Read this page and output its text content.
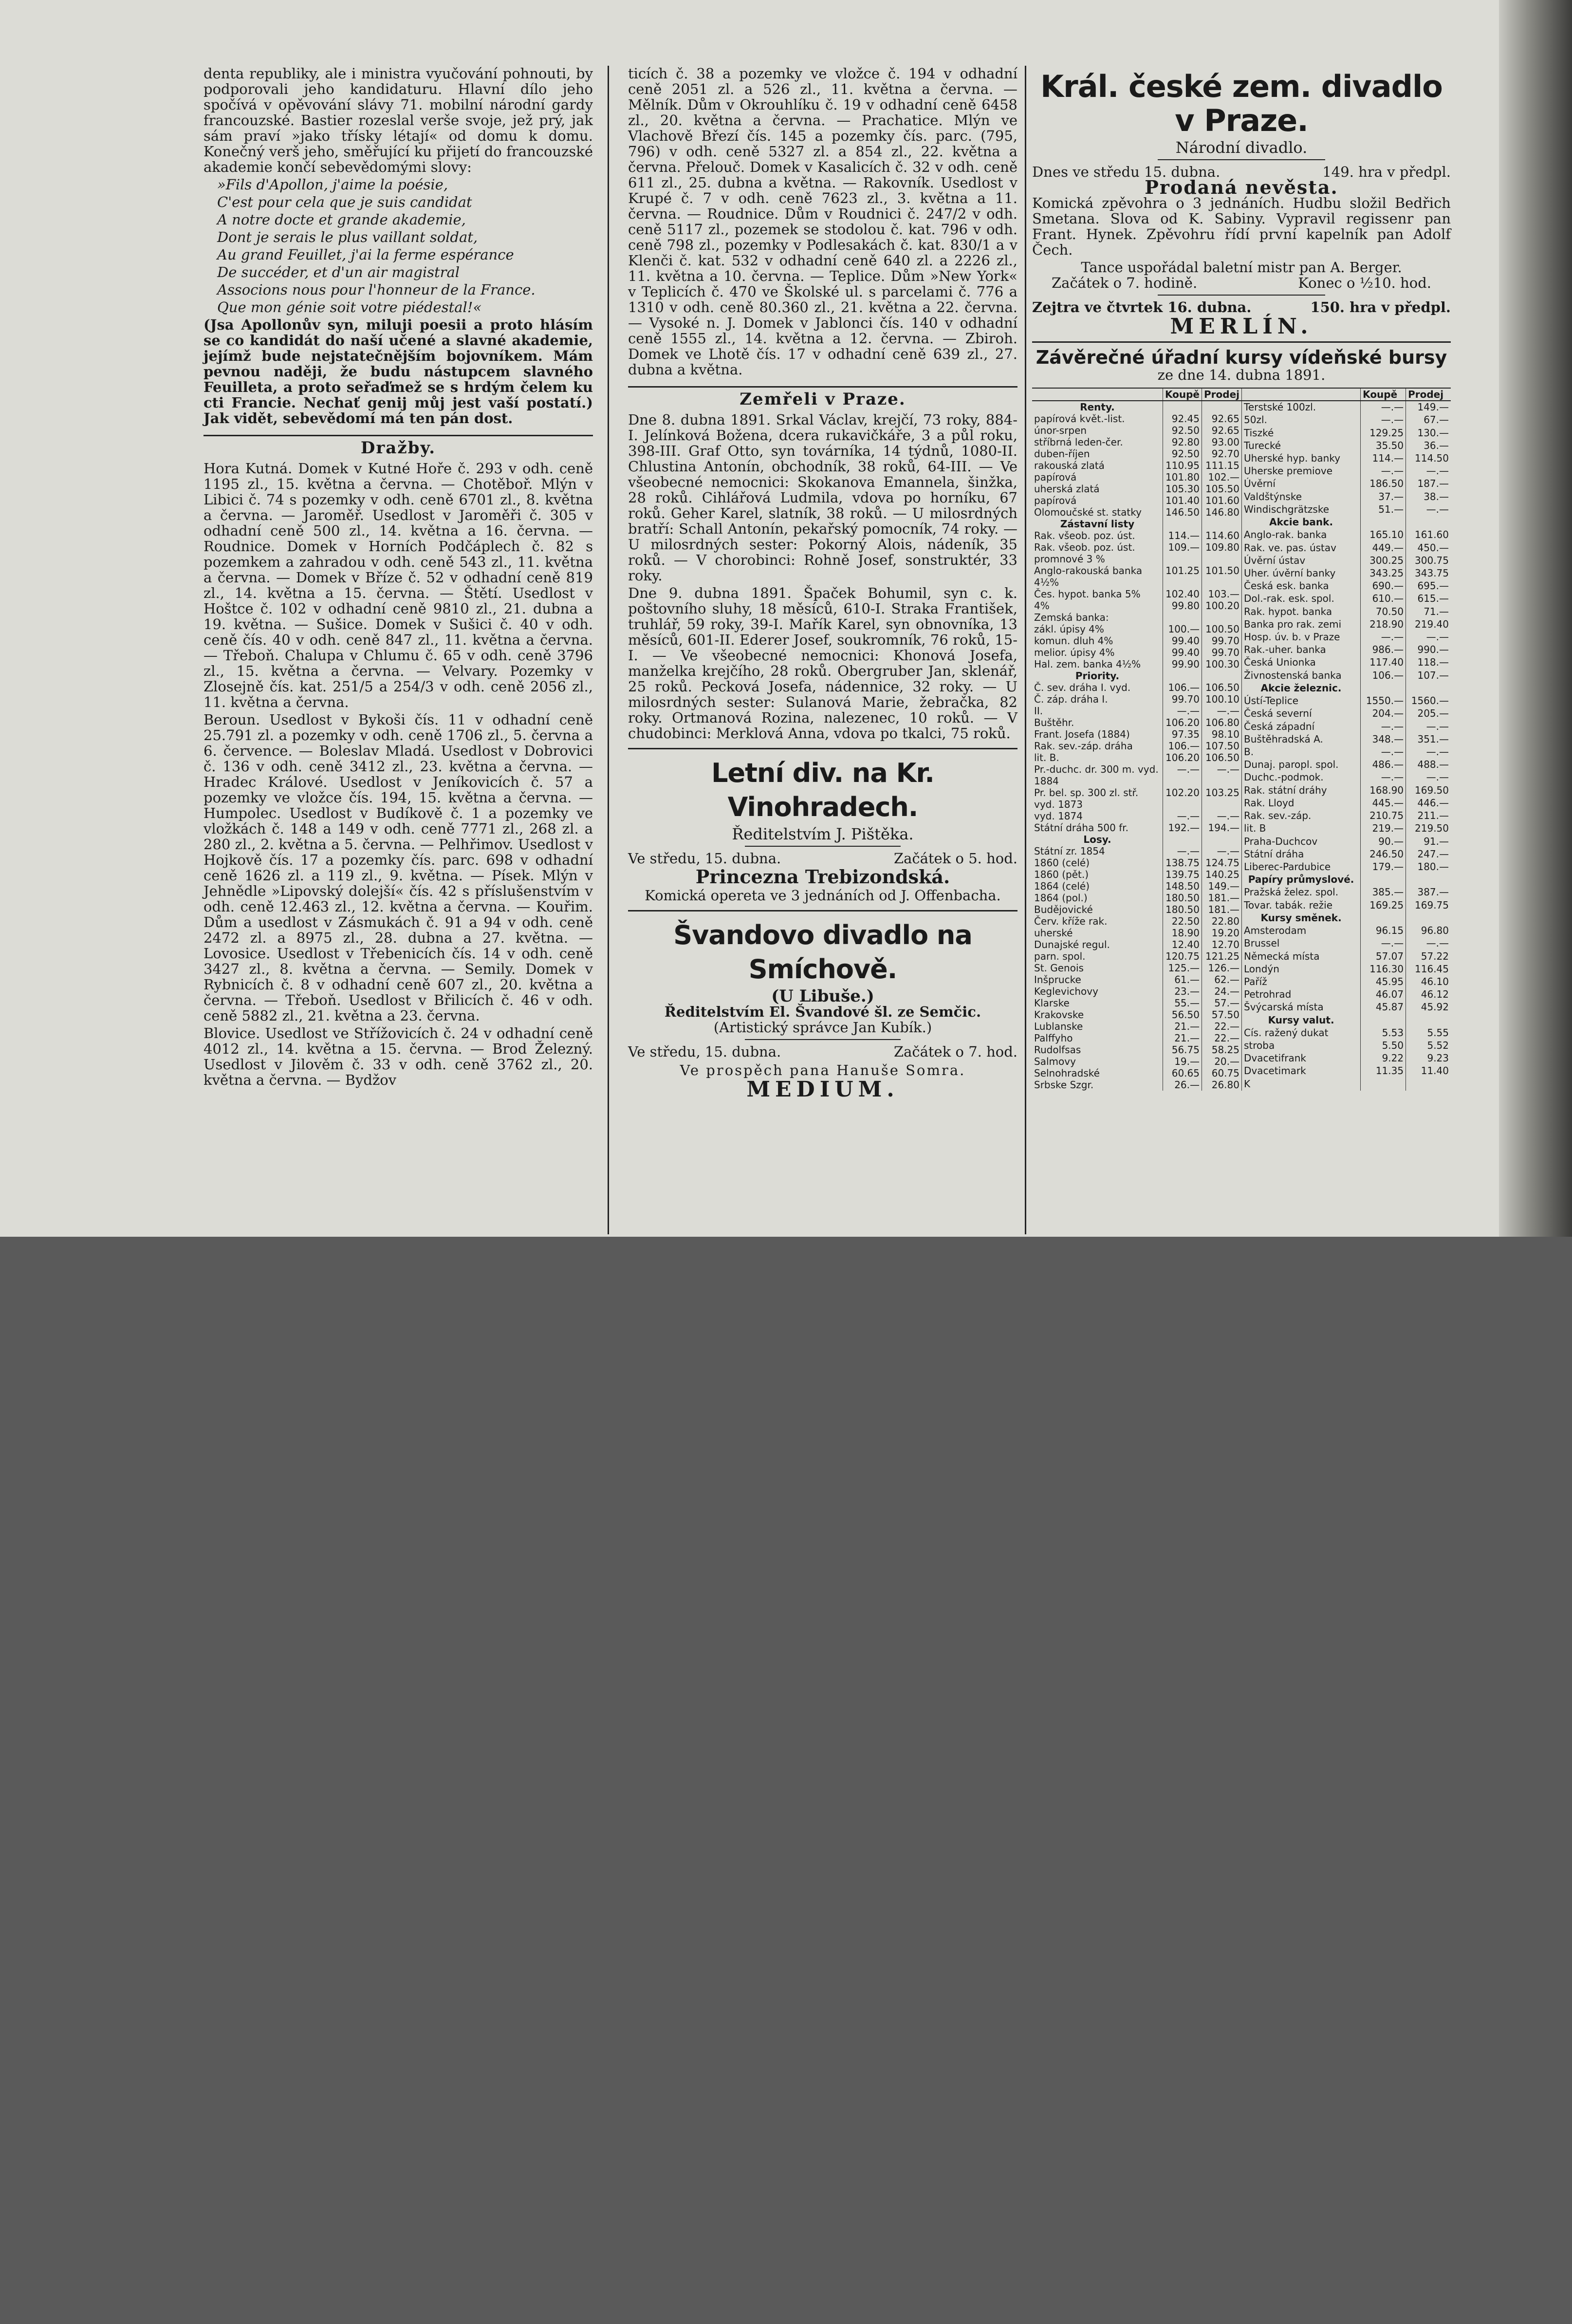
denta republiky, ale i ministra vyučování pohnouti, by podporovali jeho kandidaturu. Hlavní dílo jeho spočívá v opěvování slávy 71. mobilní národní gardy francouzské. Bastier rozeslal verše svoje, jež prý, jak sám praví »jako třísky létají« od domu k domu. Konečný verš jeho, směřující ku přijetí do francouzské akademie končí sebevědomými slovy:

»Fils d'Apollon, j'aime la poésie,

C'est pour cela que je suis candidat

A notre docte et grande akademie,

Dont je serais le plus vaillant soldat,

Au grand Feuillet, j'ai la ferme espérance

De succéder, et d'un air magistral

Associons nous pour l'honneur de la France.

Que mon génie soit votre piédestal!«

(Jsa Apollonův syn, miluji poesii a proto hlásím se co kandidát do naší učené a slavné akademie, jejímž bude nejstatečnějším bojovníkem. Mám pevnou naději, že budu nástupcem slavného Feuilleta, a proto seřaďmež se s hrdým čelem ku cti Francie. Nechať genij můj jest vaší postatí.) Jak vidět, sebevědomí má ten pán dost.

Dražby.

Hora Kutná. Domek v Kutné Hoře č. 293 v odh. ceně 1195 zl., 15. května a června. — Chotěboř. Mlýn v Libici č. 74 s pozemky v odh. ceně 6701 zl., 8. května a června. — Jaroměř. Usedlost v Jaroměři č. 305 v odhadní ceně 500 zl., 14. května a 16. června. — Roudnice. Domek v Horních Podčáplech č. 82 s pozemkem a zahradou v odh. ceně 543 zl., 11. května a června. — Domek v Bříze č. 52 v odhadní ceně 819 zl., 14. května a 15. června. — Štětí. Usedlost v Hoštce č. 102 v odhadní ceně 9810 zl., 21. dubna a 19. května. — Sušice. Domek v Sušici č. 40 v odh. ceně čís. 40 v odh. ceně 847 zl., 11. května a června. — Třeboň. Chalupa v Chlumu č. 65 v odh. ceně 3796 zl., 15. května a června. — Velvary. Pozemky v Zlosejně čís. kat. 251/5 a 254/3 v odh. ceně 2056 zl., 11. května a června.

Beroun. Usedlost v Bykoši čís. 11 v odhadní ceně 25.791 zl. a pozemky v odh. ceně 1706 zl., 5. června a 6. července. — Boleslav Mladá. Usedlost v Dobrovici č. 136 v odh. ceně 3412 zl., 23. května a června. — Hradec Králové. Usedlost v Jeníkovicích č. 57 a pozemky ve vložce čís. 194, 15. května a června. — Humpolec. Usedlost v Budíkově č. 1 a pozemky ve vložkách č. 148 a 149 v odh. ceně 7771 zl., 268 zl. a 280 zl., 2. května a 5. června. — Pelhřimov. Usedlost v Hojkově čís. 17 a pozemky čís. parc. 698 v odhadní ceně 1626 zl. a 119 zl., 9. května. — Písek. Mlýn v Jehnědle »Lipovský dolejší« čís. 42 s příslušenstvím v odh. ceně 12.463 zl., 12. května a června. — Kouřim. Dům a usedlost v Zásmukách č. 91 a 94 v odh. ceně 2472 zl. a 8975 zl., 28. dubna a 27. května. — Lovosice. Usedlost v Třebenicích čís. 14 v odh. ceně 3427 zl., 8. května a června. — Semily. Domek v Rybnicích č. 8 v odhadní ceně 607 zl., 20. května a června. — Třeboň. Usedlost v Břilicích č. 46 v odh. ceně 5882 zl., 21. května a 23. června.

Blovice. Usedlost ve Střížovicích č. 24 v odhadní ceně 4012 zl., 14. května a 15. června. — Brod Železný. Usedlost v Jilověm č. 33 v odh. ceně 3762 zl., 20. května a června. — Bydžov

ticích č. 38 a pozemky ve vložce č. 194 v odhadní ceně 2051 zl. a 526 zl., 11. května a června. — Mělník. Dům v Okrouhlíku č. 19 v odhadní ceně 6458 zl., 20. května a června. — Prachatice. Mlýn ve Vlachově Březí čís. 145 a pozemky čís. parc. (795, 796) v odh. ceně 5327 zl. a 854 zl., 22. května a června. Přelouč. Domek v Kasalicích č. 32 v odh. ceně 611 zl., 25. dubna a května. — Rakovník. Usedlost v Krupé č. 7 v odh. ceně 7623 zl., 3. května a 11. června. — Roudnice. Dům v Roudnici č. 247/2 v odh. ceně 5117 zl., pozemek se stodolou č. kat. 796 v odh. ceně 798 zl., pozemky v Podlesakách č. kat. 830/1 a v Klenči č. kat. 532 v odhadní ceně 640 zl. a 2226 zl., 11. května a 10. června. — Teplice. Dům »New York« v Teplicích č. 470 ve Školské ul. s parcelami č. 776 a 1310 v odh. ceně 80.360 zl., 21. května a 22. června. — Vysoké n. J. Domek v Jablonci čís. 140 v odhadní ceně 1555 zl., 14. května a 12. června. — Zbiroh. Domek ve Lhotě čís. 17 v odhadní ceně 639 zl., 27. dubna a května.

Zemřeli v Praze.

Dne 8. dubna 1891. Srkal Václav, krejčí, 73 roky, 884-I. Jelínková Božena, dcera rukavičkáře, 3 a půl roku, 398-III. Graf Otto, syn továrníka, 14 týdnů, 1080-II. Chlustina Antonín, obchodník, 38 roků, 64-III. — Ve všeobecné nemocnici: Skokanova Emannela, šinžka, 28 roků. Cihlářová Ludmila, vdova po horníku, 67 roků. Geher Karel, slatník, 38 roků. — U milosrdných bratří: Schall Antonín, pekařský pomocník, 74 roky. — U milosrdných sester: Pokorný Alois, nádeník, 35 roků. — V chorobinci: Rohně Josef, sonstruktér, 33 roky.

Dne 9. dubna 1891. Špaček Bohumil, syn c. k. poštovního sluhy, 18 měsíců, 610-I. Straka František, truhlář, 59 roky, 39-I. Mařík Karel, syn obnovníka, 13 měsíců, 601-II. Ederer Josef, soukromník, 76 roků, 15-I. — Ve všeobecné nemocnici: Khonová Josefa, manželka krejčího, 28 roků. Obergruber Jan, sklenář, 25 roků. Pecková Josefa, nádennice, 32 roky. — U milosrdných sester: Sulanová Marie, žebračka, 82 roky. Ortmanová Rozina, nalezenec, 10 roků. — V chudobinci: Merklová Anna, vdova po tkalci, 75 roků.

Letní div. na Kr. Vinohradech.
Ředitelstvím J. Pištěka.
Ve středu, 15. dubna.	Začátek o 5. hod.
Princezna Trebizondská.
Komická opereta ve 3 jednáních od J. Offenbacha.
Švandovo divadlo na Smíchově.
(U Libuše.)
Ředitelstvím El. Švandové šl. ze Semčic.
(Artistický správce Jan Kubík.)
Ve středu, 15. dubna.	Začátek o 7. hod.
Ve prospěch pana Hanuše Somra.
MEDIUM.
Král. české zem. divadlo v Praze.
Národní divadlo.
Dnes ve středu 15. dubna.	149. hra v předpl.
Prodaná nevěsta.

Komická zpěvohra o 3 jednáních. Hudbu složil Bedřich Smetana. Slova od K. Sabiny. Vypravil regissenr pan Frant. Hynek. Zpěvohru řídí první kapelník pan Adolf Čech.

Tance uspořádal baletní mistr pan A. Berger.
Začátek o 7. hodině.	Konec o ½10. hod.
Zejtra ve čtvrtek 16. dubna.	150. hra v předpl.
MERLÍN.
Závěrečné úřadní kursy vídeňské bursy
ze dne 14. dubna 1891.
	Koupě	Prodej
Renty.		
papírová květ.-list.	92.45	92.65
únor-srpen	92.50	92.65
stříbrná leden-čer.	92.80	93.00
duben-říjen	92.50	92.70
rakouská zlatá	110.95	111.15
papírová	101.80	102.—
uherská zlatá	105.30	105.50
papírová	101.40	101.60
Olomoučské st. statky	146.50	146.80
Zástavní listy		
Rak. všeob. poz. úst.	114.—	114.60
Rak. všeob. poz. úst. promnové 3 %	109.—	109.80
Anglo-rakouská banka 4½%	101.25	101.50
Čes. hypot. banka 5%	102.40	103.—
4%	99.80	100.20
Zemská banka:		
zákl. úpisy 4%	100.—	100.50
komun. dluh 4%	99.40	99.70
melior. úpisy 4%	99.40	99.70
Hal. zem. banka 4½%	99.90	100.30
Priority.		
Č. sev. dráha I. vyd.	106.—	106.50
Č. záp. dráha I.	99.70	100.10
II.	—.—	—.—
Buštěhr.	106.20	106.80
Frant. Josefa (1884)	97.35	98.10
Rak. sev.-záp. dráha	106.—	107.50
lit. B.	106.20	106.50
Pr.-duchc. dr. 300 m. vyd. 1884	—.—	—.—
Pr. bel. sp. 300 zl. stř. vyd. 1873	102.20	103.25
vyd. 1874	—.—	—.—
Státní dráha 500 fr.	192.—	194.—
Losy.		
Státní zr. 1854	—.—	—.—
1860 (celé)	138.75	124.75
1860 (pět.)	139.75	140.25
1864 (celé)	148.50	149.—
1864 (pol.)	180.50	181.—
Budějovické	180.50	181.—
Červ. kříže rak.	22.50	22.80
uherské	18.90	19.20
Dunajské regul.	12.40	12.70
parn. spol.	120.75	121.25
St. Genois	125.—	126.—
Inšprucke	61.—	62.—
Keglevichovy	23.—	24.—
Klarske	55.—	57.—
Krakovske	56.50	57.50
Lublanske	21.—	22.—
Palffyho	21.—	22.—
Rudolfsas	56.75	58.25
Salmovy	19.—	20.—
Selnohradské	60.65	60.75
Srbske Szgr.	26.—	26.80
	Koupě	Prodej
Terstské 100zl.	—.—	149.—
50zl.	—.—	67.—
Tiszké	129.25	130.—
Turecké	35.50	36.—
Uherské hyp. banky	114.—	114.50
Uherske premiove	—.—	—.—
Úvěrní	186.50	187.—
Valdštýnske	37.—	38.—
Windischgrätzske	51.—	—.—
Akcie bank.		
Anglo-rak. banka	165.10	161.60
Rak. ve. pas. ústav	449.—	450.—
Úvěrní ústav	300.25	300.75
Uher. úvěrní banky	343.25	343.75
Česká esk. banka	690.—	695.—
Dol.-rak. esk. spol.	610.—	615.—
Rak. hypot. banka	70.50	71.—
Banka pro rak. zemi	218.90	219.40
Hosp. úv. b. v Praze	—.—	—.—
Rak.-uher. banka	986.—	990.—
Česká Unionka	117.40	118.—
Živnostenská banka	106.—	107.—
Akcie železnic.		
Ústí-Teplice	1550.—	1560.—
Česká severní	204.—	205.—
Česká západní	—.—	—.—
Buštěhradská A.	348.—	351.—
B.	—.—	—.—
Dunaj. paropl. spol.	486.—	488.—
Duchc.-podmok.	—.—	—.—
Rak. státní dráhy	168.90	169.50
Rak. Lloyd	445.—	446.—
Rak. sev.-záp.	210.75	211.—
lit. B	219.—	219.50
Praha-Duchcov	90.—	91.—
Státní dráha	246.50	247.—
Liberec-Pardubice	179.—	180.—
Papíry průmyslové.		
Pražská želez. spol.	385.—	387.—
Tovar. tabák. režie	169.25	169.75
Kursy směnek.		
Amsterodam	96.15	96.80
Brussel	—.—	—.—
Německá místa	57.07	57.22
Londýn	116.30	116.45
Paříž	45.95	46.10
Petrohrad	46.07	46.12
Švýcarská místa	45.87	45.92
Kursy valut.		
Cís. ražený dukat	5.53	5.55
stroba	5.50	5.52
Dvacetifrank	9.22	9.23
Dvacetimark	11.35	11.40
K		
